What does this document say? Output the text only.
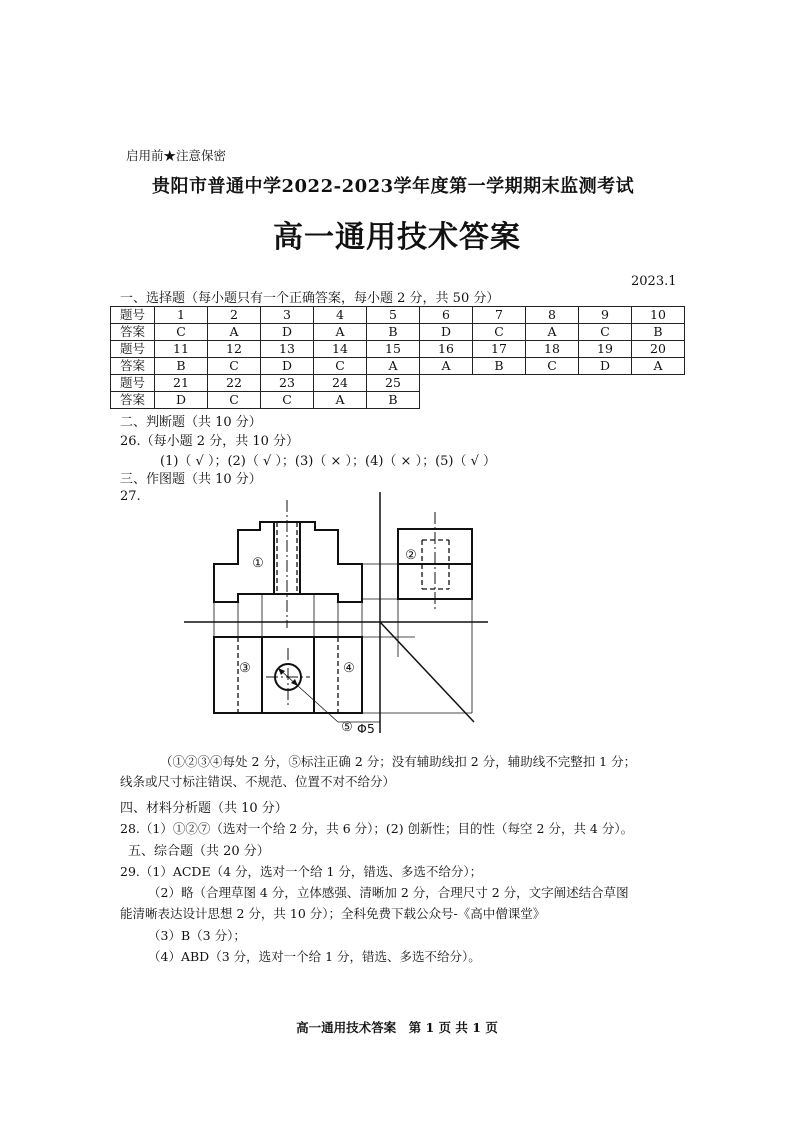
启用前★注意保密
贵阳市普通中学2022-2023学年度第一学期期末监测考试
高一通用技术答案
2023.1
一、选择题（每小题只有一个正确答案，每小题 2 分，共 50 分）
题号	1	2	3	4	5	6	7	8	9	10
答案	C	A	D	A	B	D	C	A	C	B
题号	11	12	13	14	15	16	17	18	19	20
答案	B	C	D	C	A	A	B	C	D	A
题号	21	22	23	24	25					
答案	D	C	C	A	B					
二、判断题（共 10 分）
26.（每小题 2 分，共 10 分）
(1)（ √ ）；(2)（ √ ）；(3)（ × ）；(4)（ × ）；(5)（ √ ）
三、作图题（共 10 分）
27.
①
②
③	④
⑤ Φ5
（①②③④每处 2 分，⑤标注正确 2 分；没有辅助线扣 2 分，辅助线不完整扣 1 分；
线条或尺寸标注错误、不规范、位置不对不给分）
四、材料分析题（共 10 分）
28.（1）①②⑦（选对一个给 2 分，共 6 分）；(2) 创新性；目的性（每空 2 分，共 4 分）。
五、综合题（共 20 分）
29.（1）ACDE（4 分，选对一个给 1 分，错选、多选不给分）；
（2）略（合理草图 4 分，立体感强、清晰加 2 分，合理尺寸 2 分，文字阐述结合草图
能清晰表达设计思想 2 分，共 10 分）；全科免费下载公众号-《高中僧课堂》
（3）B（3 分）；
（4）ABD（3 分，选对一个给 1 分，错选、多选不给分）。
高一通用技术答案　第 1 页 共 1 页
